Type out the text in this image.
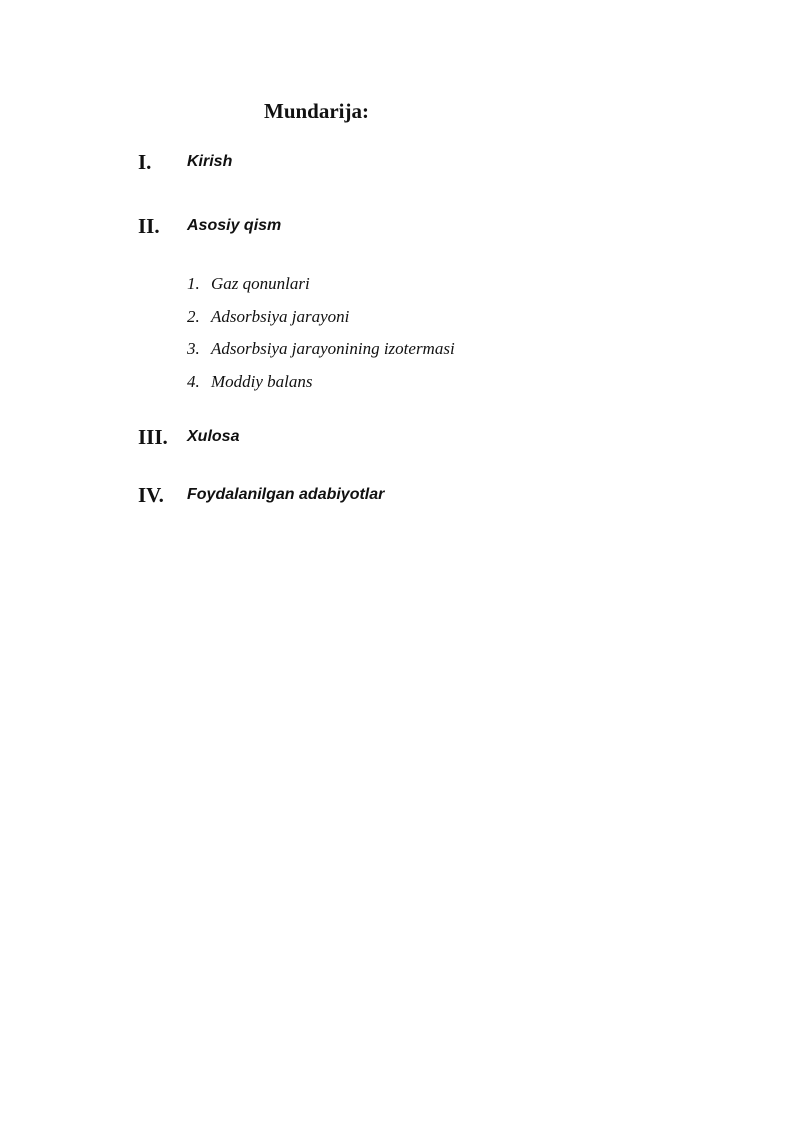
Mundarija:
I. Kirish
II. Asosiy qism
1. Gaz qonunlari
2. Adsorbsiya jarayoni
3. Adsorbsiya jarayonining izotermasi
4. Moddiy balans
III. Xulosa
IV. Foydalanilgan adabiyotlar
